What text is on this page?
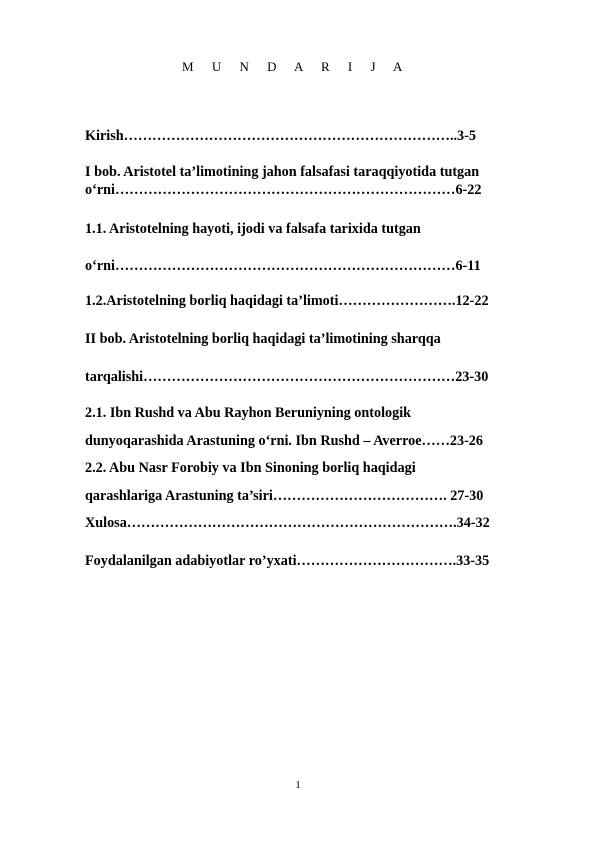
M U N D A R I J A
Kirish……………………………………………………………..3-5
I bob. Aristotel ta’limotining jahon falsafasi taraqqiyotida tutgan
o‘rni………………………………………………………………6-22
1.1. Aristotelning hayoti, ijodi va falsafa tarixida tutgan
o‘rni………………………………………………………………6-11
1.2.Aristotelning borliq haqidagi ta’limoti…………………….12-22
II bob. Aristotelning borliq haqidagi ta’limotining sharqqa
tarqalishi…………………………………………………………23-30
2.1. Ibn Rushd va Abu Rayhon Beruniyning ontologik
dunyoqarashida Arastuning o‘rni. Ibn Rushd – Averroe……23-26
2.2. Abu Nasr Forobiy va Ibn Sinoning borliq haqidagi
qarashlariga Arastuning ta’siri………………………………. 27-30
Xulosa…………………………………………………………….34-32
Foydalanilgan adabiyotlar ro’yxati…………………………….33-35
1
